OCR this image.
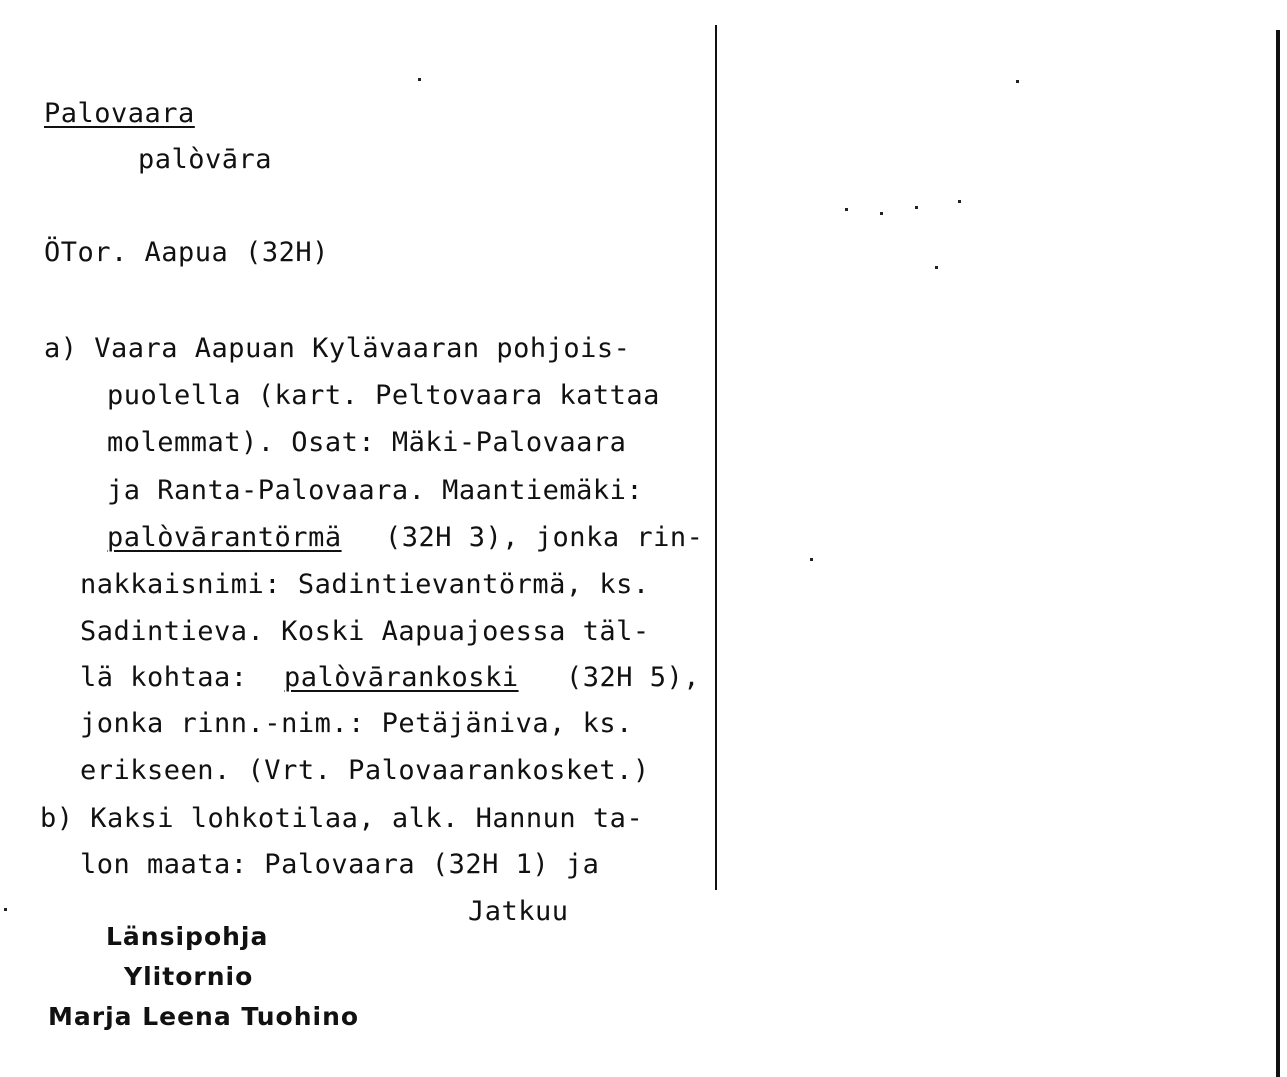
Palovaara
palо̀vāra
ÖTor. Aapua (32H)
a) Vaara Aapuan Kylävaaran pohjois-
puolella (kart. Peltovaara kattaa
molemmat). Osat: Mäki-Palovaara
ja Ranta-Palovaara. Maantiemäki:
palо̀vārantörmä (32H 3), jonka rin-
nakkaisnimi: Sadintievantörmä, ks.
Sadintieva. Koski Aapuajoessa täl-
lä kohtaa: palо̀vārankoski (32H 5),
jonka rinn.-nim.: Petäjäniva, ks.
erikseen. (Vrt. Palovaarankosket.)
b) Kaksi lohkotilaa, alk. Hannun ta-
lon maata: Palovaara (32H 1) ja
Jatkuu
Länsipohja
Ylitornio
Marja Leena Tuohino
